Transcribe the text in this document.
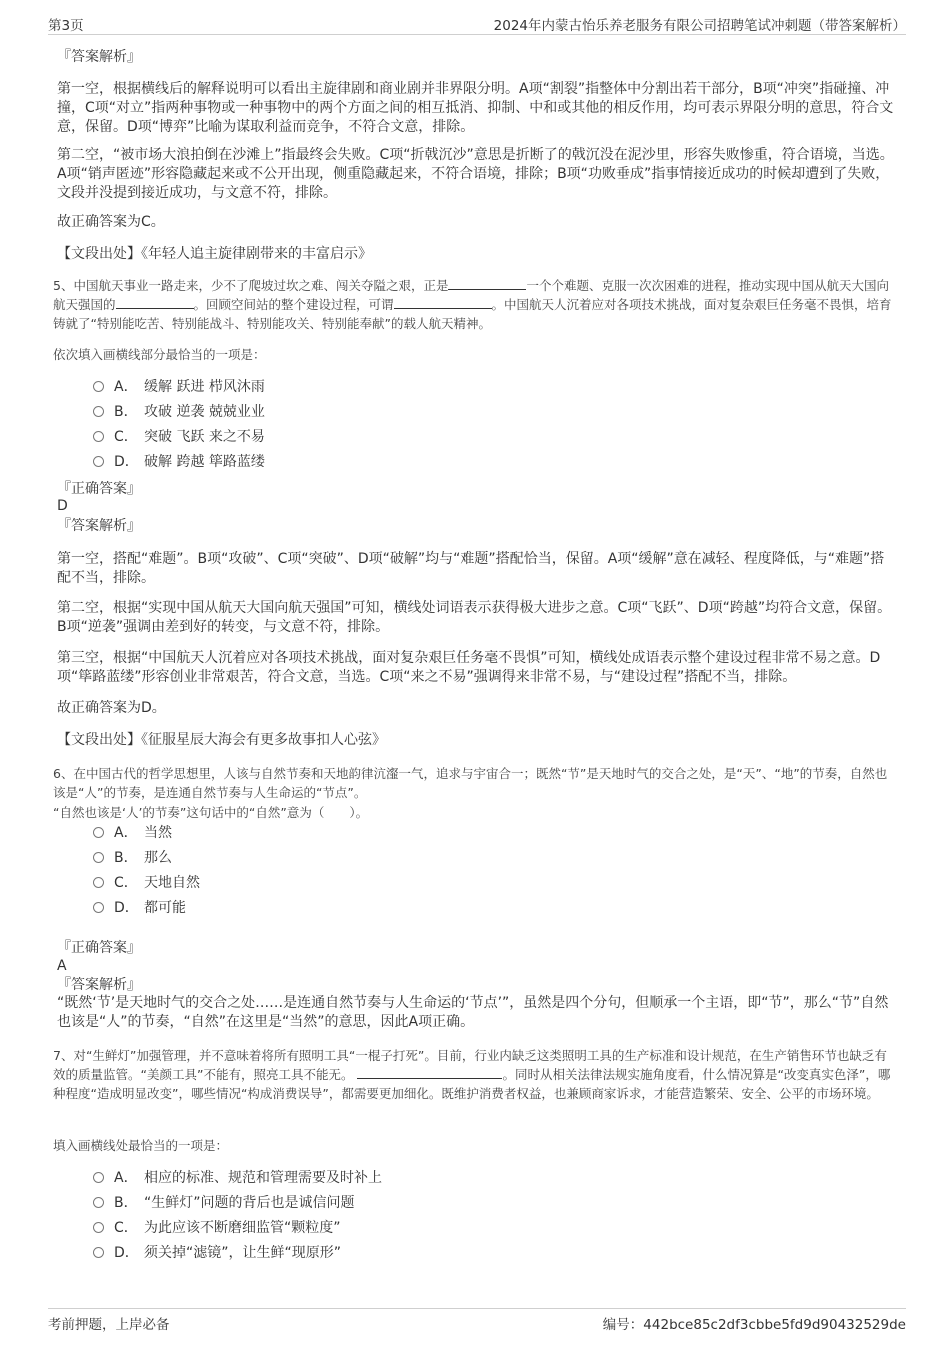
第3页	2024年内蒙古怡乐养老服务有限公司招聘笔试冲刺题（带答案解析）
『答案解析』
第一空，根据横线后的解释说明可以看出主旋律剧和商业剧并非界限分明。A项“割裂”指整体中分割出若干部分，B项“冲突”指碰撞、冲撞，C项“对立”指两种事物或一种事物中的两个方面之间的相互抵消、抑制、中和或其他的相反作用，均可表示界限分明的意思，符合文意，保留。D项“博弈”比喻为谋取利益而竞争，不符合文意，排除。
第二空，“被市场大浪拍倒在沙滩上”指最终会失败。C项“折戟沉沙”意思是折断了的戟沉没在泥沙里，形容失败惨重，符合语境，当选。A项“销声匿迹”形容隐藏起来或不公开出现，侧重隐藏起来，不符合语境，排除；B项“功败垂成”指事情接近成功的时候却遭到了失败，文段并没提到接近成功，与文意不符，排除。
故正确答案为C。
【文段出处】《年轻人追主旋律剧带来的丰富启示》
5、中国航天事业一路走来，少不了爬坡过坎之难、闯关夺隘之艰，正是	一个个难题、克服一次次困难的进程，推动实现中国从航天大国向航天强国的	。回顾空间站的整个建设过程，可谓	。中国航天人沉着应对各项技术挑战，面对复杂艰巨任务毫不畏惧，培育铸就了“特别能吃苦、特别能战斗、特别能攻关、特别能奉献”的载人航天精神。
依次填入画横线部分最恰当的一项是：
A． 缓解 跃进 栉风沐雨
B． 攻破 逆袭 兢兢业业
C． 突破 飞跃 来之不易
D． 破解 跨越 筚路蓝缕
『正确答案』
D
『答案解析』
第一空，搭配“难题”。B项“攻破”、C项“突破”、D项“破解”均与“难题”搭配恰当，保留。A项“缓解”意在减轻、程度降低，与“难题”搭配不当，排除。
第二空，根据“实现中国从航天大国向航天强国”可知，横线处词语表示获得极大进步之意。C项“飞跃”、D项“跨越”均符合文意，保留。B项“逆袭”强调由差到好的转变，与文意不符，排除。
第三空，根据“中国航天人沉着应对各项技术挑战，面对复杂艰巨任务毫不畏惧”可知，横线处成语表示整个建设过程非常不易之意。D项“筚路蓝缕”形容创业非常艰苦，符合文意，当选。C项“来之不易”强调得来非常不易，与“建设过程”搭配不当，排除。
故正确答案为D。
【文段出处】《征服星辰大海会有更多故事扣人心弦》
6、在中国古代的哲学思想里，人该与自然节奏和天地韵律沆瀣一气，追求与宇宙合一；既然“节”是天地时气的交合之处，是“天”、“地”的节奏，自然也该是“人”的节奏，是连通自然节奏与人生命运的“节点”。
“自然也该是‘人’的节奏”这句话中的“自然”意为（　　）。
A． 当然
B． 那么
C． 天地自然
D． 都可能
『正确答案』
A
『答案解析』
“既然‘节’是天地时气的交合之处……是连通自然节奏与人生命运的‘节点’”，虽然是四个分句，但顺承一个主语，即“节”，那么“节”自然也该是“人”的节奏，“自然”在这里是“当然”的意思，因此A项正确。
7、对“生鲜灯”加强管理，并不意味着将所有照明工具“一棍子打死”。目前，行业内缺乏这类照明工具的生产标准和设计规范，在生产销售环节也缺乏有效的质量监管。“美颜工具”不能有，照亮工具不能无。	。同时从相关法律法规实施角度看，什么情况算是“改变真实色泽”，哪种程度“造成明显改变”，哪些情况“构成消费误导”，都需要更加细化。既维护消费者权益，也兼顾商家诉求，才能营造繁荣、安全、公平的市场环境。
填入画横线处最恰当的一项是：
A． 相应的标准、规范和管理需要及时补上
B． “生鲜灯”问题的背后也是诚信问题
C． 为此应该不断磨细监管“颗粒度”
D． 须关掉“滤镜”，让生鲜“现原形”
考前押题，上岸必备	编号：442bce85c2df3cbbe5fd9d90432529de
